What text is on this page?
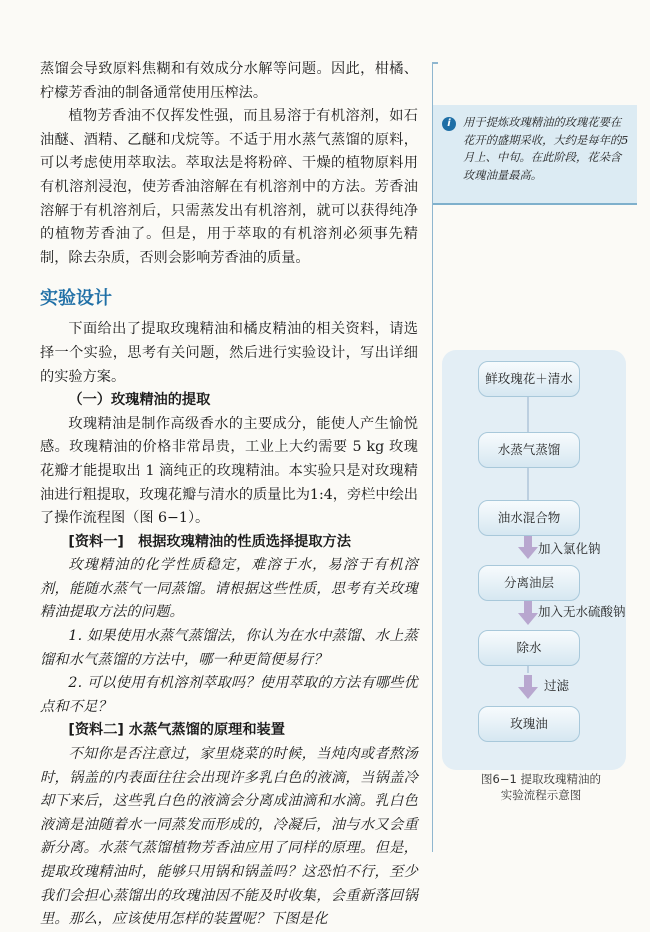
蒸馏会导致原料焦糊和有效成分水解等问题。因此，柑橘、柠檬芳香油的制备通常使用压榨法。

植物芳香油不仅挥发性强，而且易溶于有机溶剂，如石油醚、酒精、乙醚和戊烷等。不适于用水蒸气蒸馏的原料，可以考虑使用萃取法。萃取法是将粉碎、干燥的植物原料用有机溶剂浸泡，使芳香油溶解在有机溶剂中的方法。芳香油溶解于有机溶剂后，只需蒸发出有机溶剂，就可以获得纯净的植物芳香油了。但是，用于萃取的有机溶剂必须事先精制，除去杂质，否则会影响芳香油的质量。

实验设计

下面给出了提取玫瑰精油和橘皮精油的相关资料，请选择一个实验，思考有关问题，然后进行实验设计，写出详细的实验方案。

（一）玫瑰精油的提取

玫瑰精油是制作高级香水的主要成分，能使人产生愉悦感。玫瑰精油的价格非常昂贵，工业上大约需要 5 kg 玫瑰花瓣才能提取出 1 滴纯正的玫瑰精油。本实验只是对玫瑰精油进行粗提取，玫瑰花瓣与清水的质量比为1:4，旁栏中绘出了操作流程图（图 6−1）。

[资料一]　根据玫瑰精油的性质选择提取方法

玫瑰精油的化学性质稳定，难溶于水，易溶于有机溶剂，能随水蒸气一同蒸馏。请根据这些性质，思考有关玫瑰精油提取方法的问题。

1. 如果使用水蒸气蒸馏法，你认为在水中蒸馏、水上蒸馏和水气蒸馏的方法中，哪一种更简便易行？

2. 可以使用有机溶剂萃取吗？使用萃取的方法有哪些优点和不足？

[资料二] 水蒸气蒸馏的原理和装置

不知你是否注意过，家里烧菜的时候，当炖肉或者熬汤时，锅盖的内表面往往会出现许多乳白色的液滴，当锅盖冷却下来后，这些乳白色的液滴会分离成油滴和水滴。乳白色液滴是油随着水一同蒸发而形成的，冷凝后，油与水又会重新分离。水蒸气蒸馏植物芳香油应用了同样的原理。但是，提取玫瑰精油时，能够只用锅和锅盖吗？这恐怕不行，至少我们会担心蒸馏出的玫瑰油因不能及时收集，会重新落回锅里。那么，应该使用怎样的装置呢？下图是化

i	用于提炼玫瑰精油的玫瑰花要在花开的盛期采收，大约是每年的5月上、中旬。在此阶段，花朵含玫瑰油量最高。
鲜玫瑰花＋清水
水蒸气蒸馏
油水混合物
分离油层
除水
玫瑰油
加入氯化钠
加入无水硫酸钠
过滤
图6−1 提取玫瑰精油的
实验流程示意图
